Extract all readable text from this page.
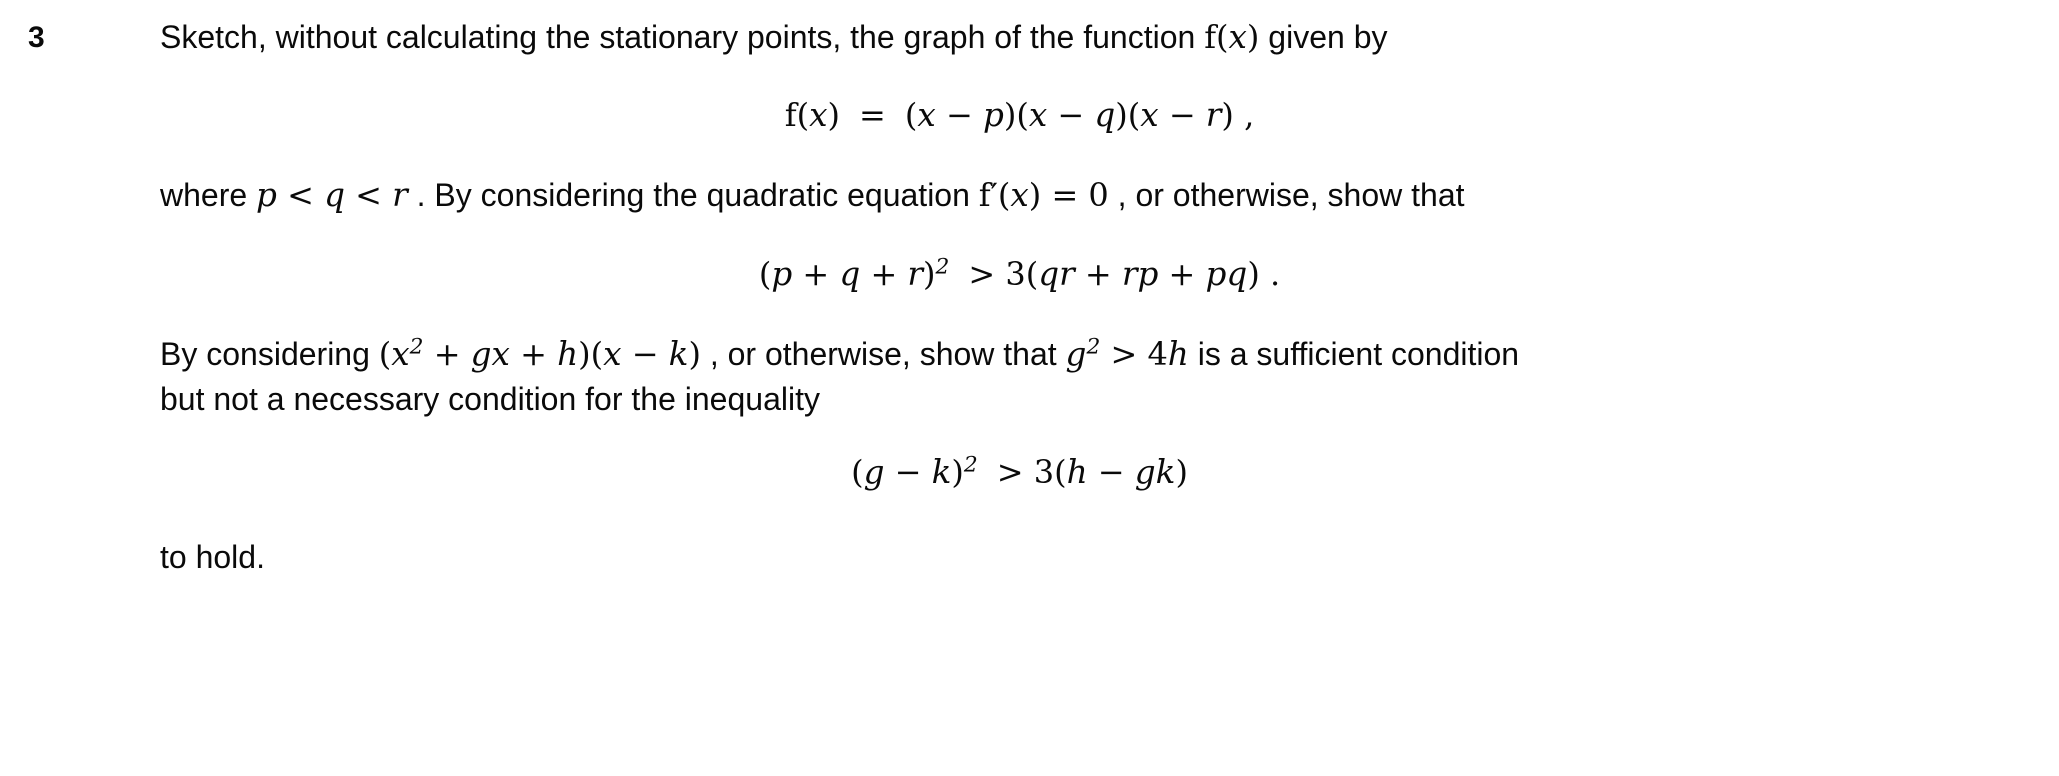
3	Sketch, without calculating the stationary points, the graph of the function f(x) given by

f(x)  =  (x − p)(x − q)(x − r) ,

where p < q < r . By considering the quadratic equation f′(x) = 0 , or otherwise, show that

$(p + q + r)^2 > 3(qr$ + rp + pq) .

By considering ($x^2$ + gx + h)(x − k) , or otherwise, show that $g^2 > 4h$ is a sufficient condition
but not a necessary condition for the inequality

$(g - k)^2 > 3(h - gk)$

to hold.
